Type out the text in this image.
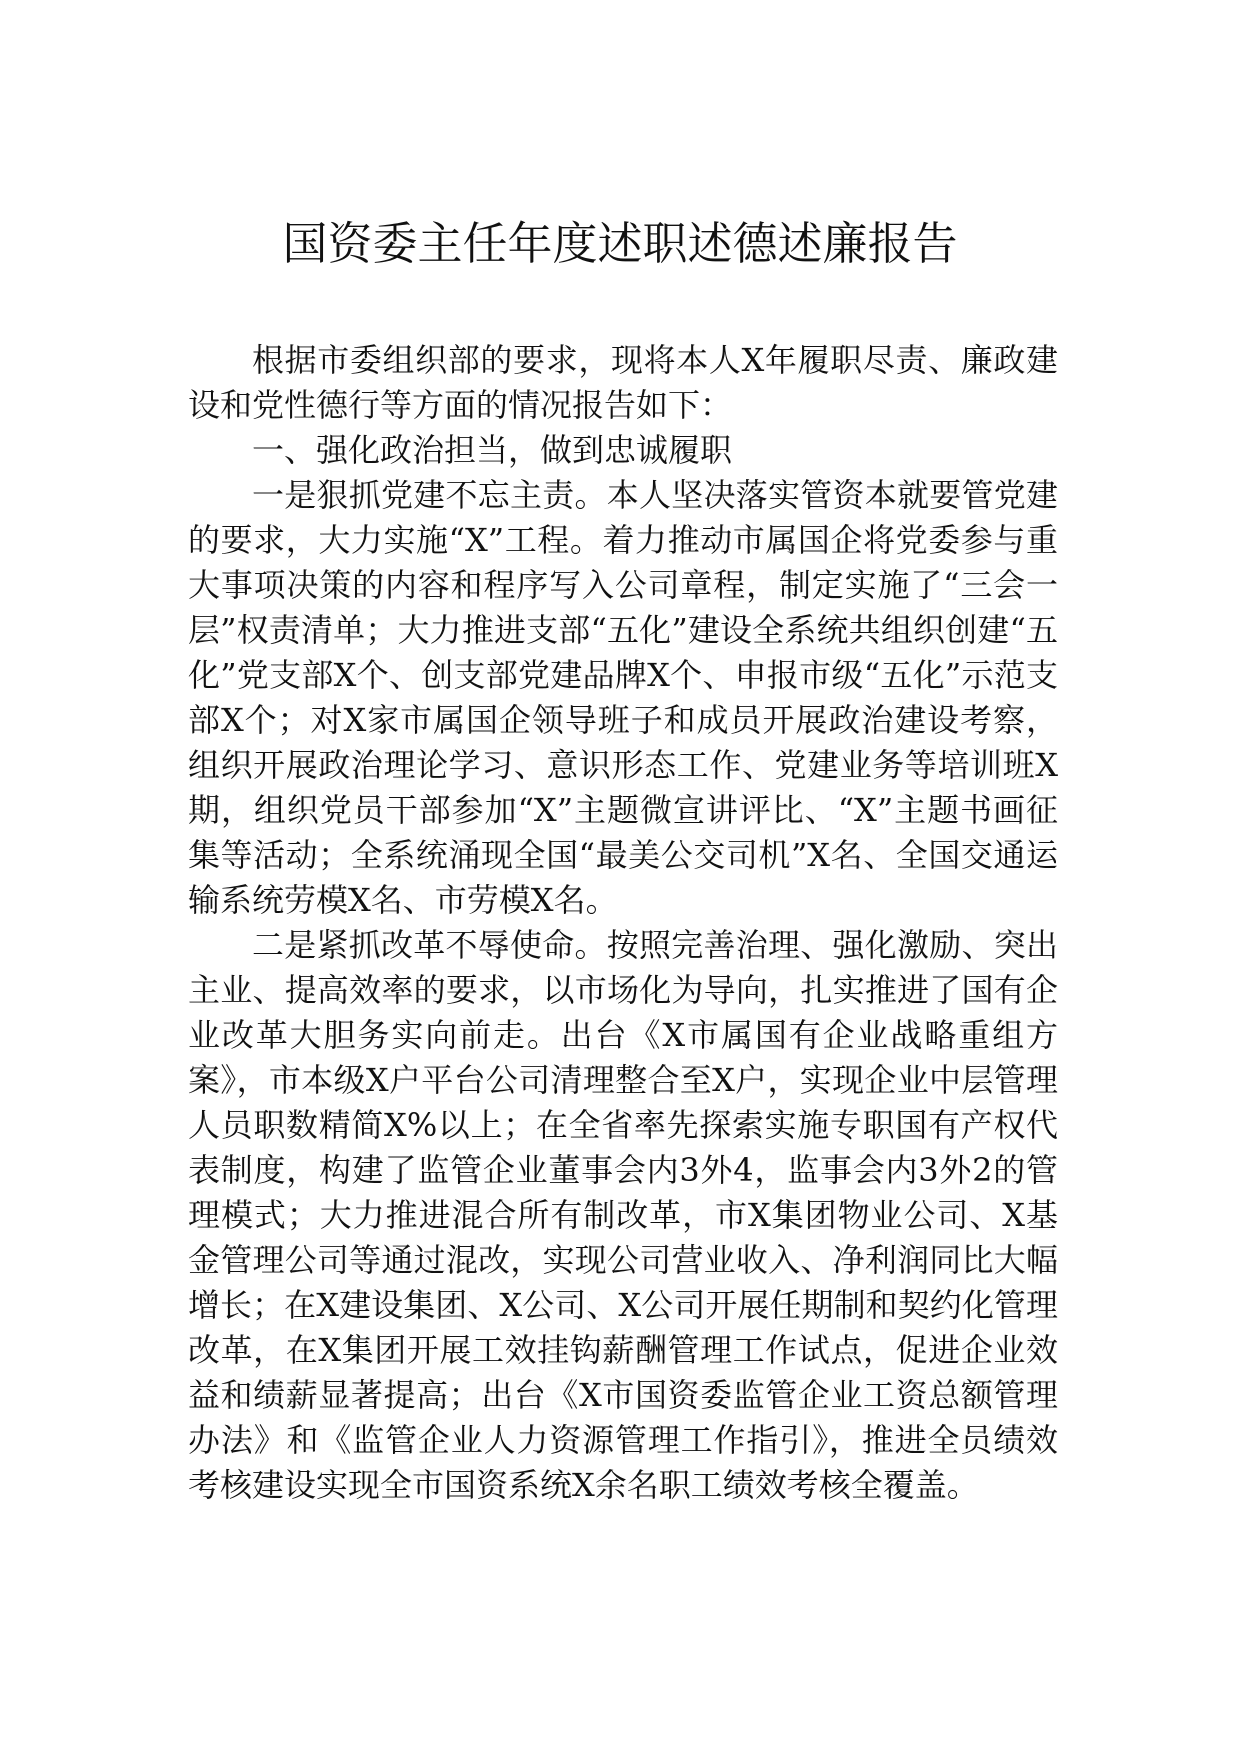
国资委主任年度述职述德述廉报告

根据市委组织部的要求，现将本人X年履职尽责、廉政建设和党性德行等方面的情况报告如下：

一、强化政治担当，做到忠诚履职

一是狠抓党建不忘主责。本人坚决落实管资本就要管党建的要求，大力实施“X”工程。着力推动市属国企将党委参与重大事项决策的内容和程序写入公司章程，制定实施了“三会一层”权责清单；大力推进支部“五化”建设全系统共组织创建“五化”党支部X个、创支部党建品牌X个、申报市级“五化”示范支部X个；对X家市属国企领导班子和成员开展政治建设考察，组织开展政治理论学习、意识形态工作、党建业务等培训班X期，组织党员干部参加“X”主题微宣讲评比、“X”主题书画征集等活动；全系统涌现全国“最美公交司机”X名、全国交通运输系统劳模X名、市劳模X名。

二是紧抓改革不辱使命。按照完善治理、强化激励、突出主业、提高效率的要求，以市场化为导向，扎实推进了国有企业改革大胆务实向前走。出台《X市属国有企业战略重组方案》，市本级X户平台公司清理整合至X户，实现企业中层管理人员职数精简X%以上；在全省率先探索实施专职国有产权代表制度，构建了监管企业董事会内3外4，监事会内3外2的管理模式；大力推进混合所有制改革，市X集团物业公司、X基金管理公司等通过混改，实现公司营业收入、净利润同比大幅增长；在X建设集团、X公司、X公司开展任期制和契约化管理改革，在X集团开展工效挂钩薪酬管理工作试点，促进企业效益和绩薪显著提高；出台《X市国资委监管企业工资总额管理办法》和《监管企业人力资源管理工作指引》，推进全员绩效考核建设实现全市国资系统X余名职工绩效考核全覆盖。
